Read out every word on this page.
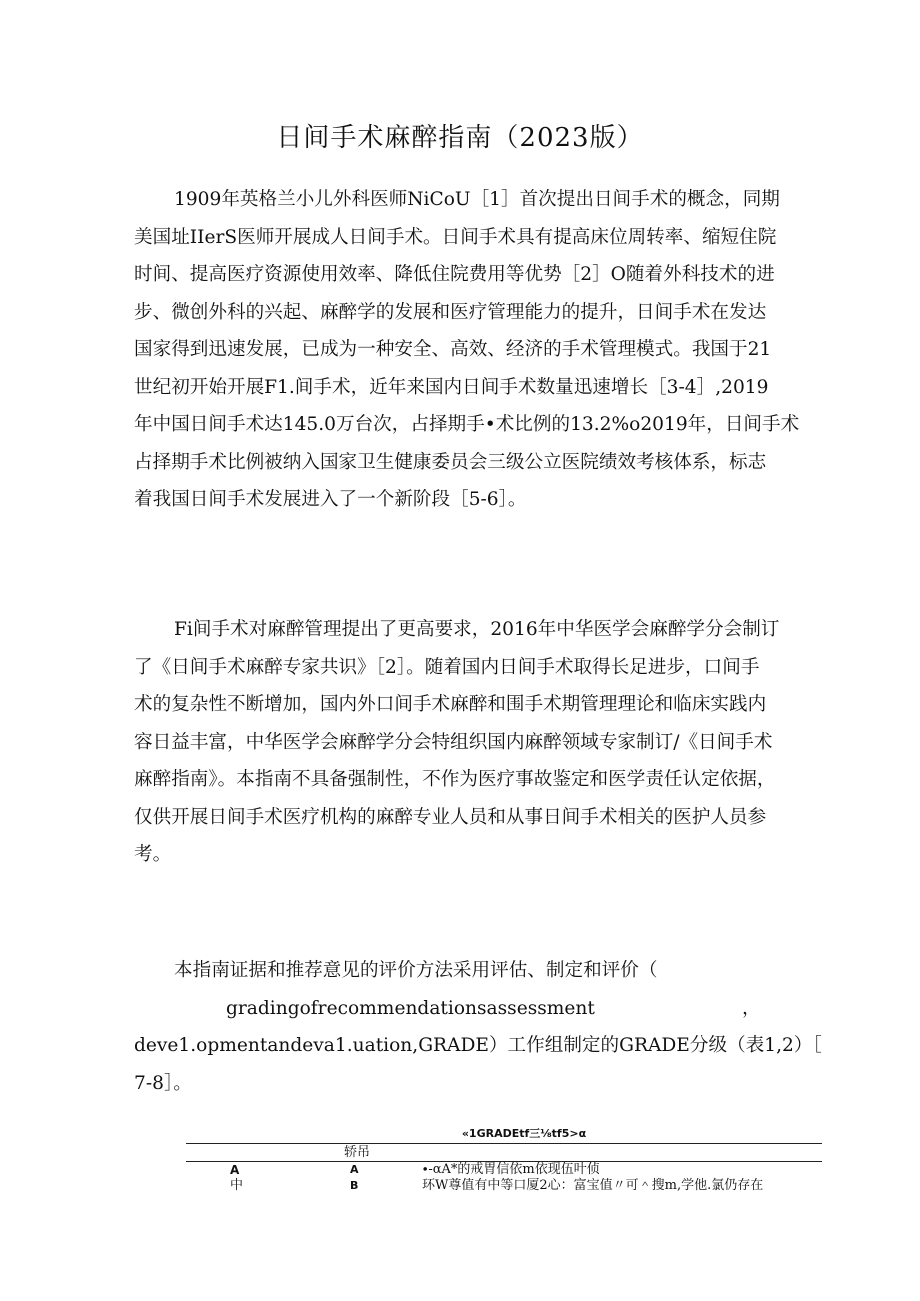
日间手术麻醉指南（2023版）
1909年英格兰小儿外科医师NiCoU［1］首次提出日间手术的概念，同期
美国址IIerS医师开展成人日间手术。日间手术具有提高床位周转率、缩短住院
时间、提高医疗资源使用效率、降低住院费用等优势［2］O随着外科技术的进
步、微创外科的兴起、麻醉学的发展和医疗管理能力的提升，日间手术在发达
国家得到迅速发展，已成为一种安全、高效、经济的手术管理模式。我国于21
世纪初开始开展F1.间手术，近年来国内日间手术数量迅速增长［3-4］,2019
年中国日间手术达145.0万台次，占择期手•术比例的13.2%o2019年，日间手术
占择期手术比例被纳入国家卫生健康委员会三级公立医院绩效考核体系，标志
着我国日间手术发展进入了一个新阶段［5-6］。
Fi间手术对麻醉管理提出了更高要求，2016年中华医学会麻醉学分会制订
了《日间手术麻醉专家共识》［2］。随着国内日间手术取得长足进步，口间手
术的复杂性不断增加，国内外口间手术麻醉和围手术期管理理论和临床实践内
容日益丰富，中华医学会麻醉学分会特组织国内麻醉领域专家制订/《日间手术
麻醉指南》。本指南不具备强制性，不作为医疗事故鉴定和医学责任认定依据，
仅供开展日间手术医疗机构的麻醉专业人员和从事日间手术相关的医护人员参
考。
本指南证据和推荐意见的评价方法采用评估、制定和评价（
gradingofrecommendationsassessment	，
deve1.opmentandeva1.uation,GRADE）工作组制定的GRADE分级（表1,2）［
7-8］。
«1GRADEtf三⅛tf5>α
轿吊
A	A	∙-αA*的戒胃信依m依现伍叶侦
中	B	环W尊值有中等口厦2心：富宝值〃可＾搜m,学他.氯仍存在
